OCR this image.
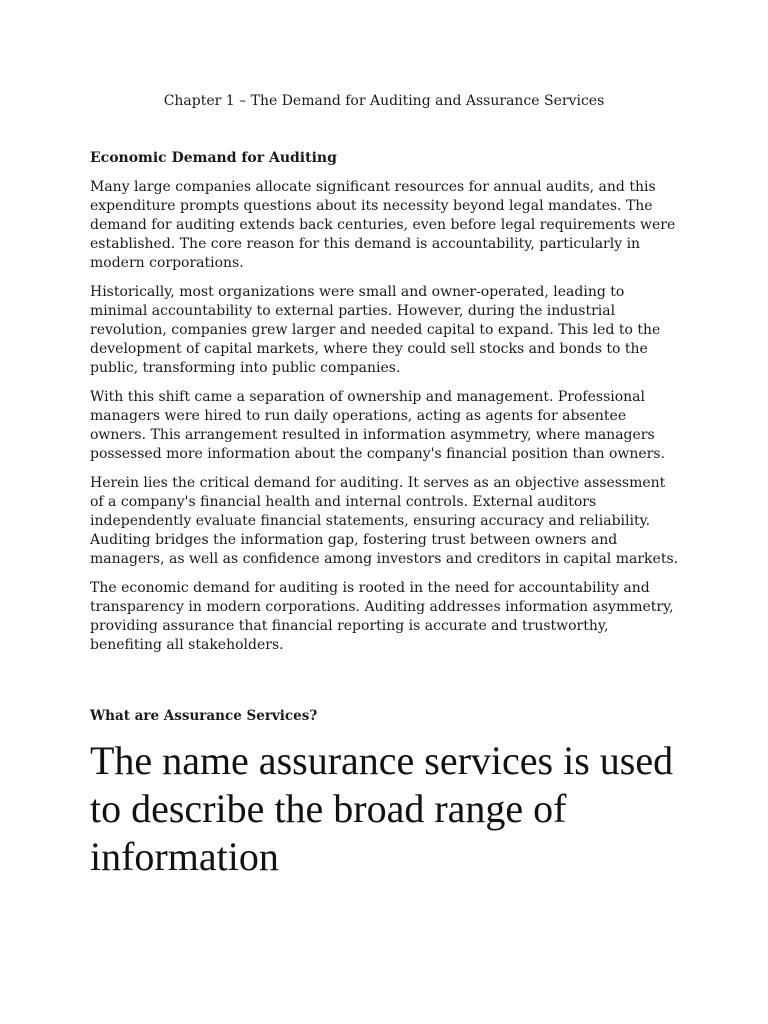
Chapter 1 – The Demand for Auditing and Assurance Services
Economic Demand for Auditing

Many large companies allocate significant resources for annual audits, and this expenditure prompts questions about its necessity beyond legal mandates. The demand for auditing extends back centuries, even before legal requirements were established. The core reason for this demand is accountability, particularly in modern corporations.

Historically, most organizations were small and owner-operated, leading to minimal accountability to external parties. However, during the industrial revolution, companies grew larger and needed capital to expand. This led to the development of capital markets, where they could sell stocks and bonds to the public, transforming into public companies.

With this shift came a separation of ownership and management. Professional managers were hired to run daily operations, acting as agents for absentee owners. This arrangement resulted in information asymmetry, where managers possessed more information about the company's financial position than owners.

Herein lies the critical demand for auditing. It serves as an objective assessment of a company's financial health and internal controls. External auditors independently evaluate financial statements, ensuring accuracy and reliability. Auditing bridges the information gap, fostering trust between owners and managers, as well as confidence among investors and creditors in capital markets.

The economic demand for auditing is rooted in the need for accountability and transparency in modern corporations. Auditing addresses information asymmetry, providing assurance that financial reporting is accurate and trustworthy, benefiting all stakeholders.

What are Assurance Services?
The name assurance services is used to describe the broad range of information
